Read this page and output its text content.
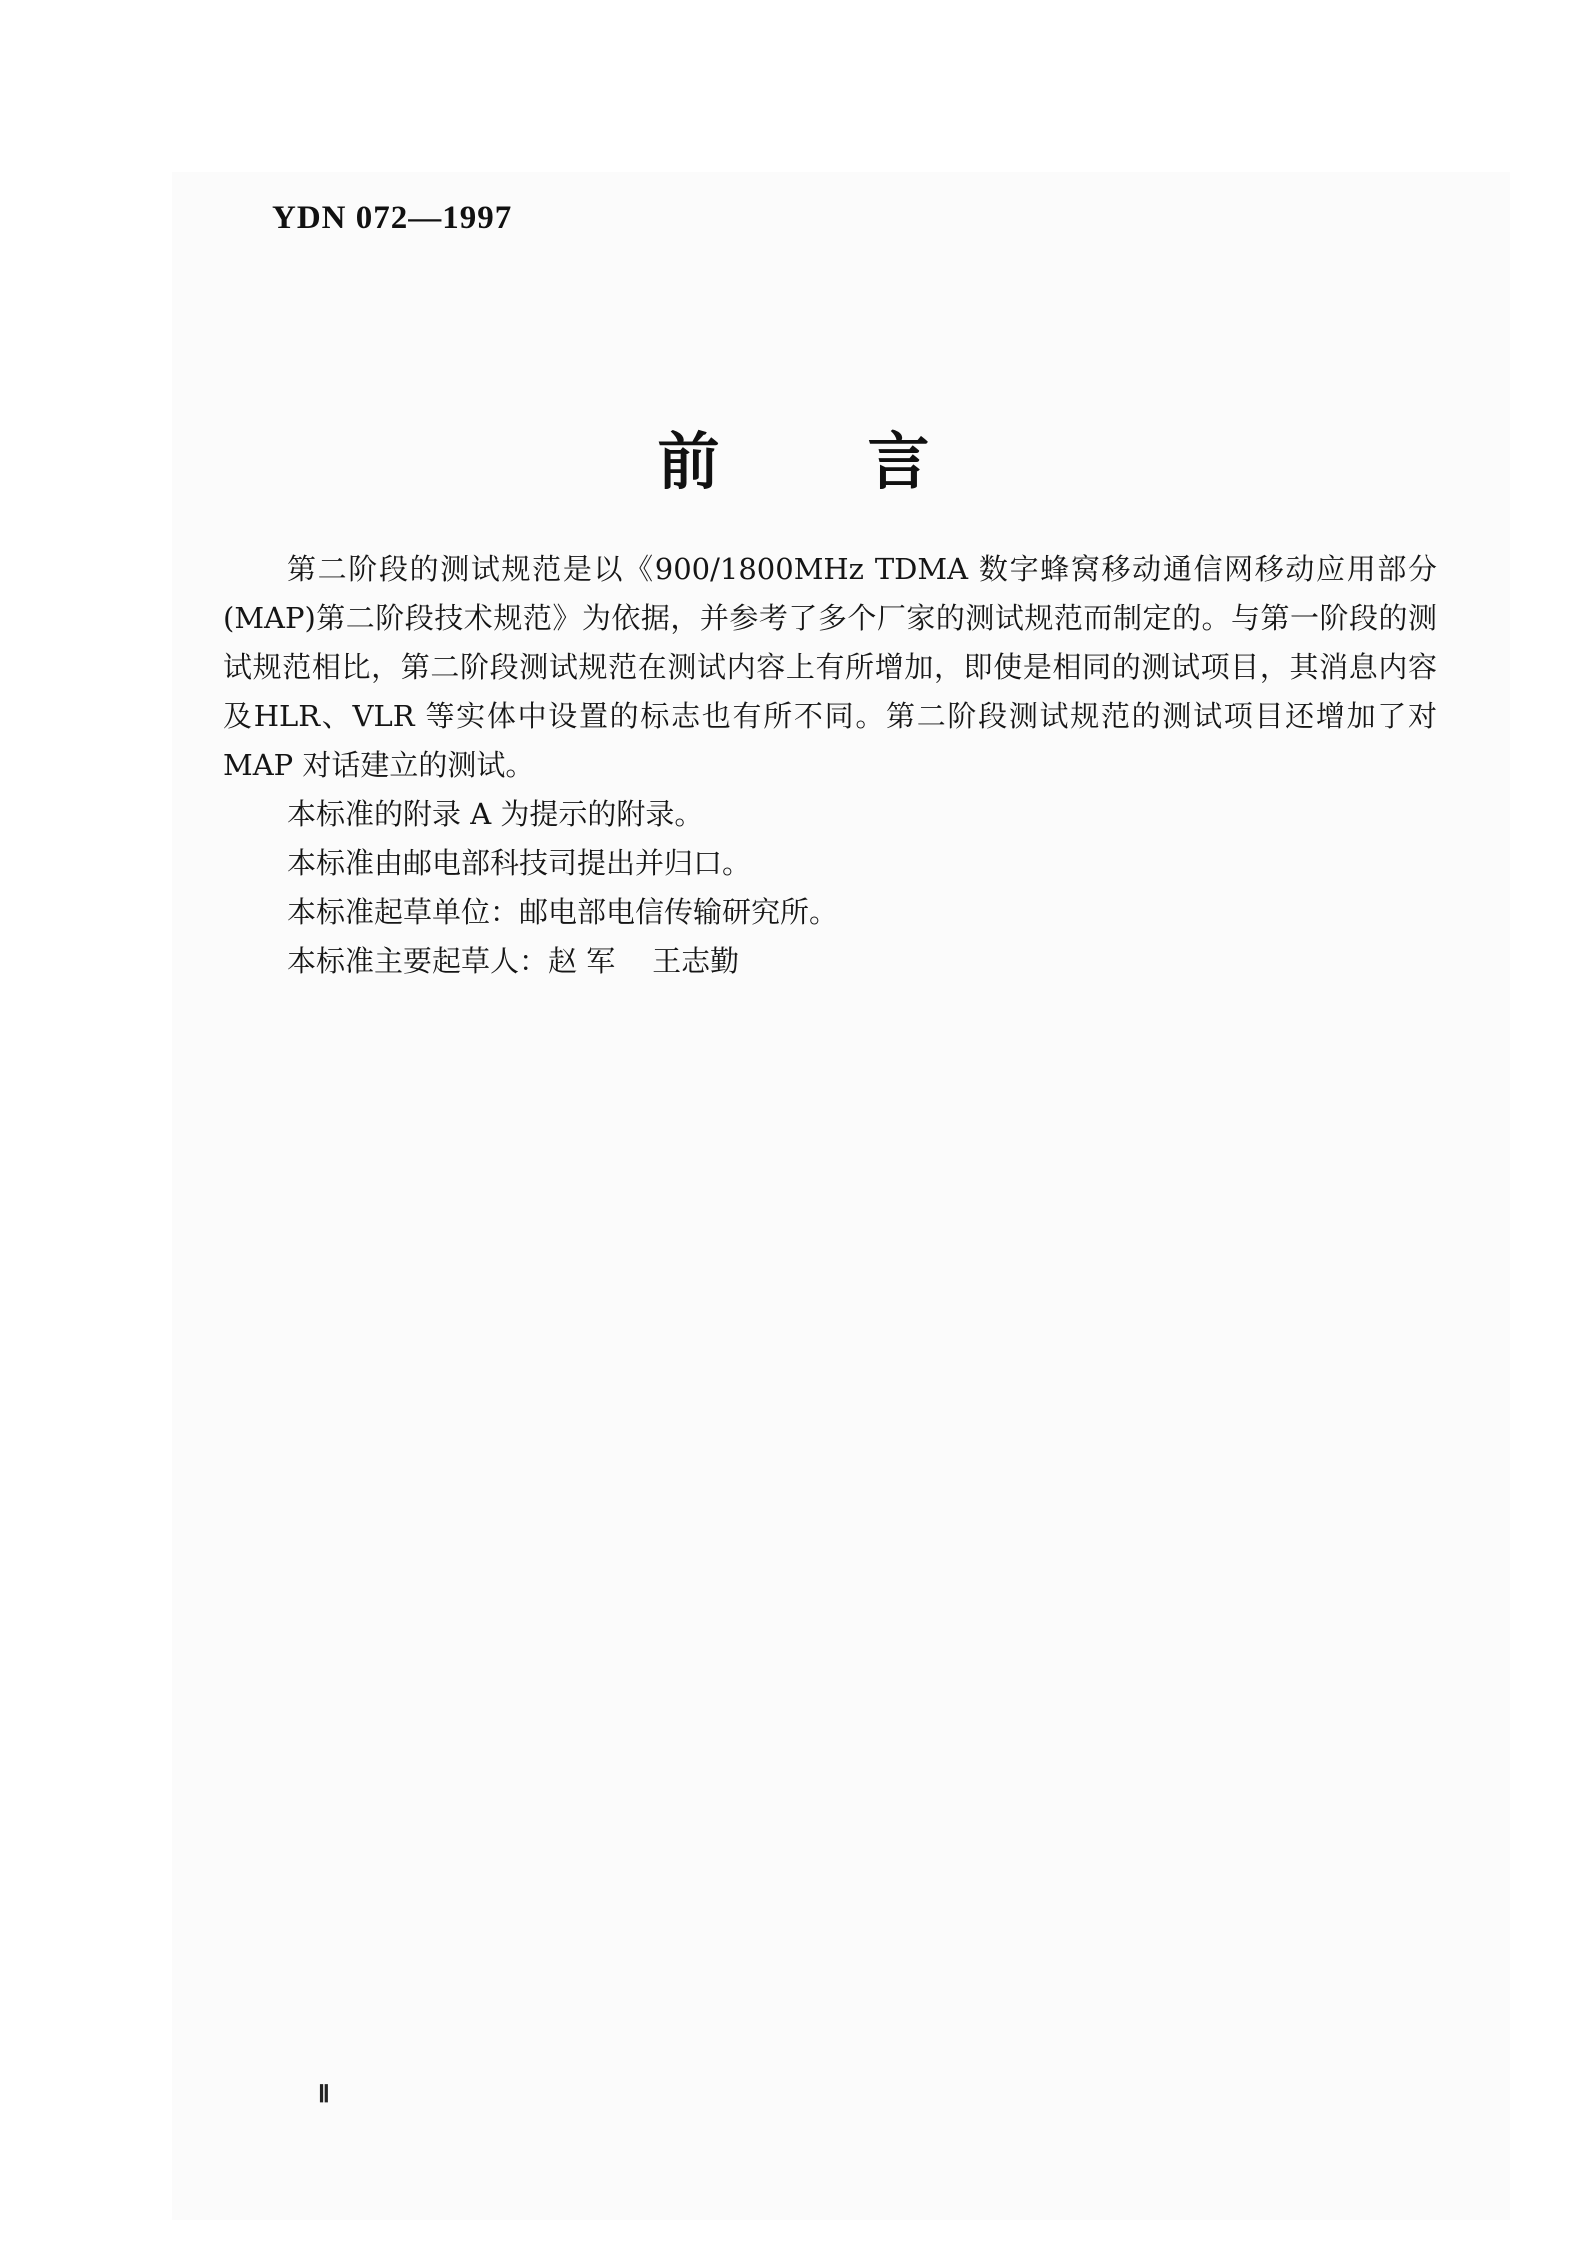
YDN 072—1997
前 言

第二阶段的测试规范是以《900/1800MHz TDMA 数字蜂窝移动通信网移动应用部分(MAP)第二阶段技术规范》为依据，并参考了多个厂家的测试规范而制定的。与第一阶段的测试规范相比，第二阶段测试规范在测试内容上有所增加，即使是相同的测试项目，其消息内容及HLR、VLR 等实体中设置的标志也有所不同。第二阶段测试规范的测试项目还增加了对 MAP 对话建立的测试。

本标准的附录 A 为提示的附录。

本标准由邮电部科技司提出并归口。

本标准起草单位：邮电部电信传输研究所。

本标准主要起草人：赵 军    王志勤

Ⅱ
